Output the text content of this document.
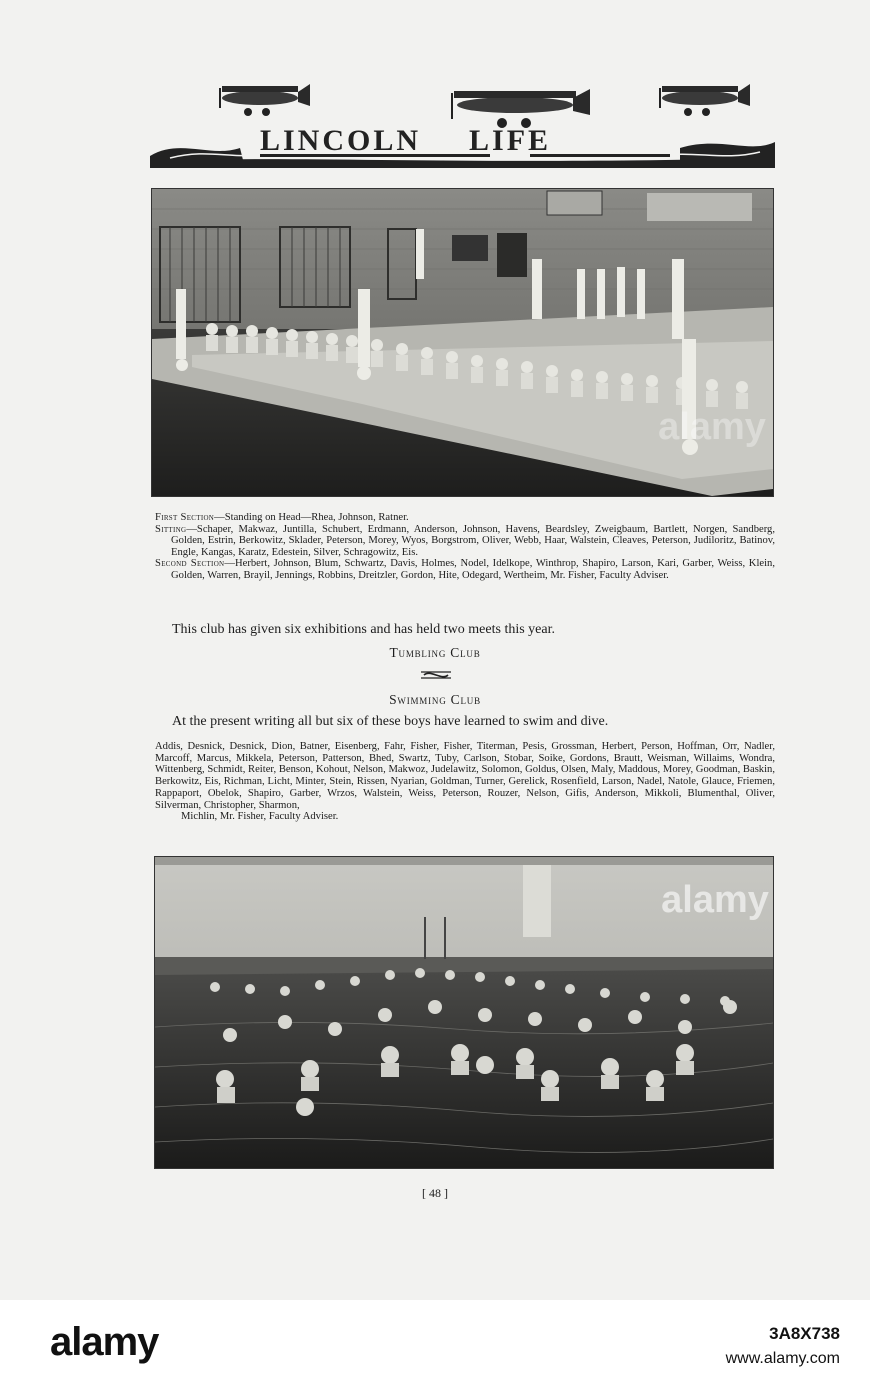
LINCOLN LIFE
alamy
First Section—Standing on Head—Rhea, Johnson, Ratner.
Sitting—Schaper, Makwaz, Juntilla, Schubert, Erdmann, Anderson, Johnson, Havens, Beardsley, Zweigbaum, Bartlett, Norgen, Sandberg, Golden, Estrin, Berkowitz, Sklader, Peterson, Morey, Wyos, Borgstrom, Oliver, Webb, Haar, Walstein, Cleaves, Peterson, Judiloritz, Batinov, Engle, Kangas, Karatz, Edestein, Silver, Schragowitz, Eis.
Second Section—Herbert, Johnson, Blum, Schwartz, Davis, Holmes, Nodel, Idelkope, Winthrop, Shapiro, Larson, Kari, Garber, Weiss, Klein, Golden, Warren, Brayil, Jennings, Robbins, Dreitzler, Gordon, Hite, Odegard, Wertheim, Mr. Fisher, Faculty Adviser.
This club has given six exhibitions and has held two meets this year.
Tumbling Club
Swimming Club
At the present writing all but six of these boys have learned to swim and dive.
Addis, Desnick, Desnick, Dion, Batner, Eisenberg, Fahr, Fisher, Fisher, Titerman, Pesis, Grossman, Herbert, Person, Hoffman, Orr, Nadler, Marcoff, Marcus, Mikkela, Peterson, Patterson, Bhed, Swartz, Tuby, Carlson, Stobar, Soike, Gordons, Brautt, Weisman, Willaims, Wondra, Wittenberg, Schmidt, Reiter, Benson, Kohout, Nelson, Makwoz, Judelawitz, Solomon, Goldus, Olsen, Maly, Maddous, Morey, Goodman, Baskin, Berkowitz, Eis, Richman, Licht, Minter, Stein, Rissen, Nyarian, Goldman, Turner, Gerelick, Rosenfield, Larson, Nadel, Natole, Glauce, Friemen, Rappaport, Obelok, Shapiro, Garber, Wrzos, Walstein, Weiss, Peterson, Rouzer, Nelson, Gifis, Anderson, Mikkoli, Blumenthal, Oliver, Silverman, Christopher, Sharmon,
Michlin, Mr. Fisher, Faculty Adviser.
alamy
[ 48 ]
alamy	3A8X738
www.alamy.com
